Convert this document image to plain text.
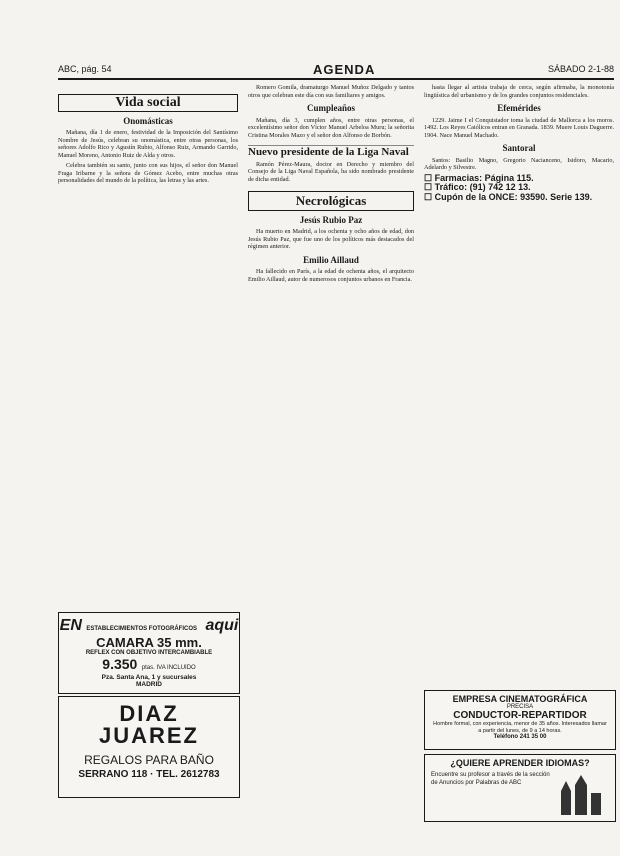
ABC, pág. 54	AGENDA	SÁBADO 2-1-88
Vida social
Onomásticas

Mañana, día 1 de enero, festividad de la Imposición del Santísimo Nombre de Jesús, celebran su onomástica, entre otras personas, los señores Adolfo Rico y Agustín Rubio, Alfonso Ruiz, Armando Garrido, Manuel Moreno, Antonio Ruiz de Alda y otros.

Celebra también su santo, junto con sus hijos, el señor don Manuel Fraga Iribarne y la señora de Gómez Acebo, entre muchas otras personalidades del mundo de la política, las letras y las artes.

EN ESTABLECIMIENTOS FOTOGRÁFICOS aqui
CAMARA 35 mm.
REFLEX CON OBJETIVO INTERCAMBIABLE
9.350 ptas. IVA INCLUIDO
Pza. Santa Ana, 1 y sucursales
MADRID
DIAZ
JUAREZ
REGALOS PARA BAÑO
SERRANO 118 · TEL. 2612783

Romero Gomila, dramaturgo Manuel Muñoz Delgado y tantos otros que celebran este día con sus familiares y amigos.

Cumpleaños

Mañana, día 3, cumplen años, entre otras personas, el excelentísimo señor don Víctor Manuel Arbeloa Muru; la señorita Cristina Morales Mazo y el señor don Alfonso de Borbón.

Nuevo presidente de la Liga Naval

Ramón Pérez-Maura, doctor en Derecho y miembro del Consejo de la Liga Naval Española, ha sido nombrado presidente de dicha entidad.

Necrológicas
Jesús Rubio Paz

Ha muerto en Madrid, a los ochenta y ocho años de edad, don Jesús Rubio Paz, que fue uno de los políticos más destacados del régimen anterior.

Emilio Aillaud

Ha fallecido en París, a la edad de ochenta años, el arquitecto Emilio Aillaud, autor de numerosos conjuntos urbanos en Francia.

hasta llegar al artista trabaja de cerca, según afirmaba, la monotonía lingüística del urbanismo y de los grandes conjuntos residenciales.

Efemérides

1229. Jaime I el Conquistador toma la ciudad de Mallorca a los moros. 1492. Los Reyes Católicos entran en Granada. 1839. Muere Louis Daguerre. 1904. Nace Manuel Machado.

Santoral

Santos: Basilio Magno, Gregorio Nacianceno, Isidoro, Macario, Adelardo y Silvestre.

☐ Farmacias: Página 115.
☐ Tráfico: (91) 742 12 13.
☐ Cupón de la ONCE: 93590. Serie 139.
EMPRESA CINEMATOGRÁFICA
PRECISA
CONDUCTOR-REPARTIDOR
Hombre formal, con experiencia, menor de 35 años. Interesados llamar a partir del lunes, de 9 a 14 horas.
Teléfono 241 35 00
¿QUIERE APRENDER IDIOMAS?
Encuentre su profesor a través de la sección de Anuncios por Palabras de ABC
